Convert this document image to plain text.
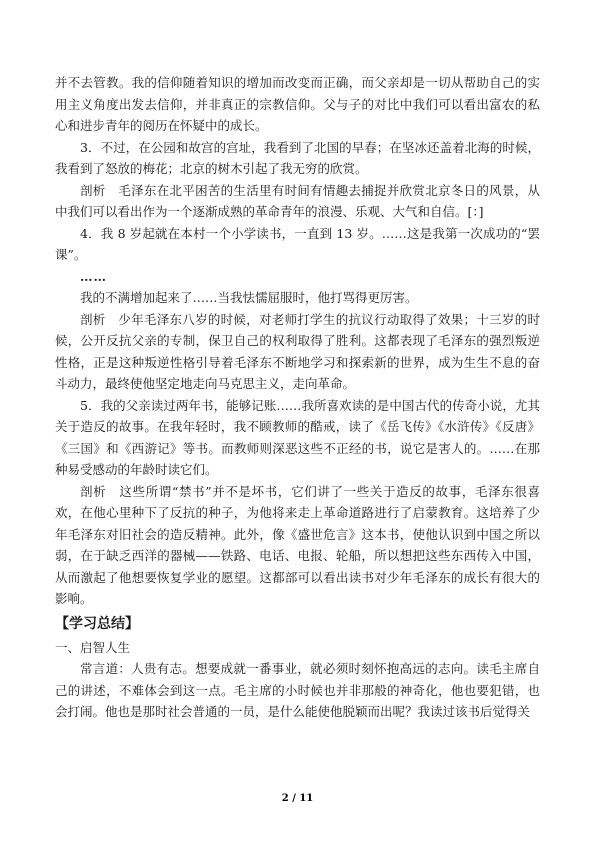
并不去管教。我的信仰随着知识的增加而改变而正确，而父亲却是一切从帮助自己的实用主义角度出发去信仰，并非真正的宗教信仰。父与子的对比中我们可以看出富农的私心和进步青年的阅历在怀疑中的成长。

3．不过，在公园和故宫的宫址，我看到了北国的早春；在坚冰还盖着北海的时候，我看到了怒放的梅花；北京的树木引起了我无穷的欣赏。

剖析　毛泽东在北平困苦的生活里有时间有情趣去捕捉并欣赏北京冬日的风景，从中我们可以看出作为一个逐渐成熟的革命青年的浪漫、乐观、大气和自信。[：]

4．我 8 岁起就在本村一个小学读书，一直到 13 岁。……这是我第一次成功的“罢课”。

……

我的不满增加起来了……当我怯懦屈服时，他打骂得更厉害。

剖析　少年毛泽东八岁的时候，对老师打学生的抗议行动取得了效果；十三岁的时候，公开反抗父亲的专制，保卫自己的权利取得了胜利。这都表现了毛泽东的强烈叛逆性格，正是这种叛逆性格引导着毛泽东不断地学习和探索新的世界，成为生生不息的奋斗动力，最终使他坚定地走向马克思主义，走向革命。

5．我的父亲读过两年书，能够记账……我所喜欢读的是中国古代的传奇小说，尤其关于造反的故事。在我年轻时，我不顾教师的酷戒，读了《岳飞传》《水浒传》《反唐》《三国》和《西游记》等书。而教师则深恶这些不正经的书，说它是害人的。……在那种易受感动的年龄时读它们。

剖析　这些所谓“禁书”并不是坏书，它们讲了一些关于造反的故事，毛泽东很喜欢，在他心里种下了反抗的种子，为他将来走上革命道路进行了启蒙教育。这培养了少年毛泽东对旧社会的造反精神。此外，像《盛世危言》这本书，使他认识到中国之所以弱，在于缺乏西洋的器械——铁路、电话、电报、轮船，所以想把这些东西传入中国，从而激起了他想要恢复学业的愿望。这都部可以看出读书对少年毛泽东的成长有很大的影响。

【学习总结】

一、启智人生

常言道：人贵有志。想要成就一番事业，就必须时刻怀抱高远的志向。读毛主席自己的讲述，不难体会到这一点。毛主席的小时候也并非那般的神奇化，他也要犯错，也会打闹。他也是那时社会普通的一员，是什么能使他脱颖而出呢？我读过该书后觉得关

2 / 11
